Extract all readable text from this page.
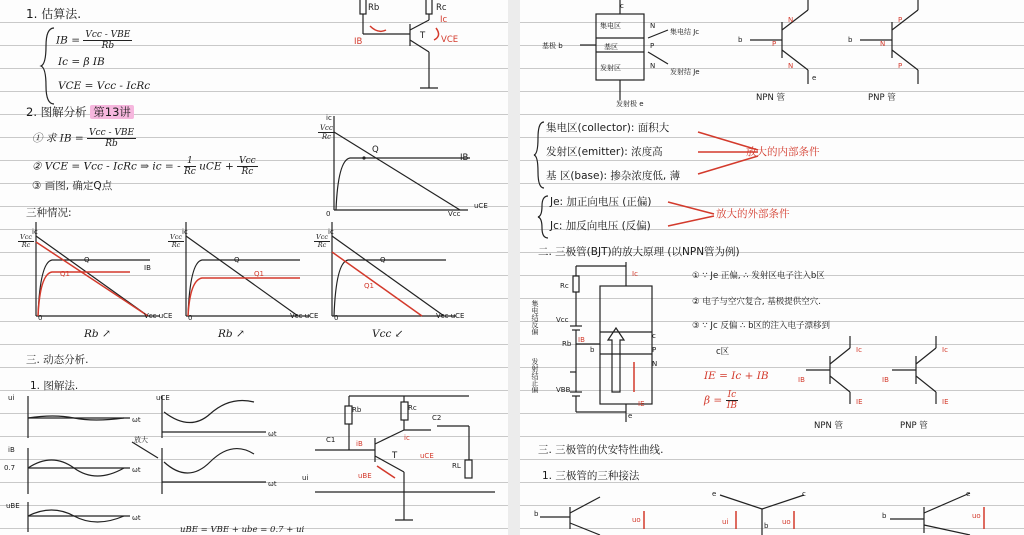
1. 估算法.
IB = $\frac{\text{Vcc - VBE}}{Rb}$
Ic = β IB
VCE = Vcc - IcRc
Rb	Rc
IB
Ic
T VCE
2. 图解分析 第13讲
① 求 IB = $\frac{\text{Vcc - VBE}}{Rb}$
② VCE = Vcc - IcRc ⇒ ic = - $\frac{1}{Rc}$ uCE + $\frac{\text{Vcc}}{Rc}$
③ 画图, 确定Q点
ic
$\frac{\text{Vcc}}{Rc}$
Q
IB
0	Vcc
uCE
三种情况:
ic	ic	ic
$\frac{\text{Vcc}}{Rc}$	$\frac{\text{Vcc}}{Rc}$	$\frac{\text{Vcc}}{Rc}$
Q
Q1
IB
Q
Q1
Q
Q1
0	0	0
Vcc uCE	Vcc uCE	Vcc uCE
Rb ↗	Rb ↗	Vcc ↙
三. 动态分析.
1. 图解法.
ui
iB
0.7
uBE
ωt
ωt
ωt
uCE
ωt
ωt
放大	C1
C2
Rb	Rc
RL
T
ui
iB
ic
uBE
uCE
uBE = VBE + ube = 0.7 + ui
c
集电区
基区
发射区
N
P
N
基极 b
集电结 Jc
发射结 Je
发射极 e
b	b
N
P
N
P
N
P
e
NPN 管	PNP 管
集电区(collector): 面积大
发射区(emitter): 浓度高
基 区(base): 掺杂浓度低, 薄
放大的内部条件
Je: 加正向电压 (正偏)
Jc: 加反向电压 (反偏)
放大的外部条件
二. 三极管(BJT)的放大原理 (以NPN管为例)
集电结反偏
发射结正偏
Ic
Rc
Vcc
Rb IB
VBB
b
c
P
N
e
IE
① ∵ Je 正偏, ∴ 发射区电子注入b区
② 电子与空穴复合, 基极提供空穴.
③ ∵ Jc 反偏 ∴ b区的注入电子漂移到
c区
IE = Ic + IB
$\beta = \frac{Ic}{IB}$
Ic
IB
IE
Ic
IB
IE
NPN 管	PNP 管
三. 三极管的伏安特性曲线.
1. 三极管的三种接法
b
uo
e	c
b
ui	uo
b
e
uo
